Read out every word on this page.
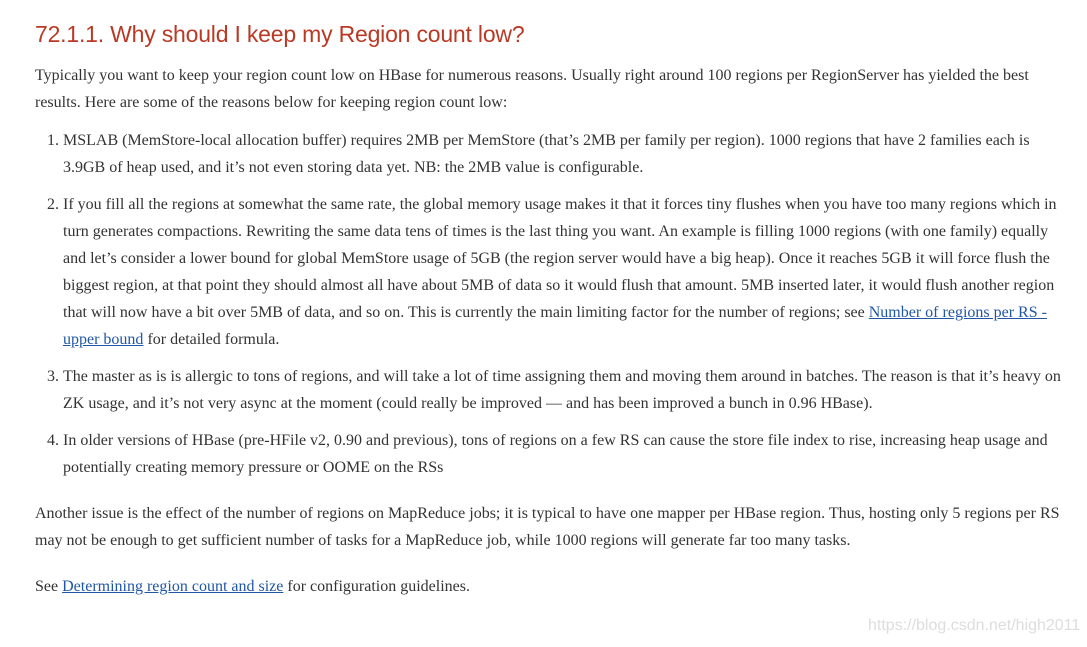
72.1.1. Why should I keep my Region count low?

Typically you want to keep your region count low on HBase for numerous reasons. Usually right around 100 regions per RegionServer has yielded the best results. Here are some of the reasons below for keeping region count low:

1. MSLAB (MemStore-local allocation buffer) requires 2MB per MemStore (that’s 2MB per family per region). 1000 regions that have 2 families each is 3.9GB of heap used, and it’s not even storing data yet. NB: the 2MB value is configurable.
2. If you fill all the regions at somewhat the same rate, the global memory usage makes it that it forces tiny flushes when you have too many regions which in turn generates compactions. Rewriting the same data tens of times is the last thing you want. An example is filling 1000 regions (with one family) equally and let’s consider a lower bound for global MemStore usage of 5GB (the region server would have a big heap). Once it reaches 5GB it will force flush the biggest region, at that point they should almost all have about 5MB of data so it would flush that amount. 5MB inserted later, it would flush another region that will now have a bit over 5MB of data, and so on. This is currently the main limiting factor for the number of regions; see Number of regions per RS - upper bound for detailed formula.
3. The master as is is allergic to tons of regions, and will take a lot of time assigning them and moving them around in batches. The reason is that it’s heavy on ZK usage, and it’s not very async at the moment (could really be improved — and has been improved a bunch in 0.96 HBase).
4. In older versions of HBase (pre-HFile v2, 0.90 and previous), tons of regions on a few RS can cause the store file index to rise, increasing heap usage and potentially creating memory pressure or OOME on the RSs

Another issue is the effect of the number of regions on MapReduce jobs; it is typical to have one mapper per HBase region. Thus, hosting only 5 regions per RS may not be enough to get sufficient number of tasks for a MapReduce job, while 1000 regions will generate far too many tasks.

See Determining region count and size for configuration guidelines.

https://blog.csdn.net/high2011
